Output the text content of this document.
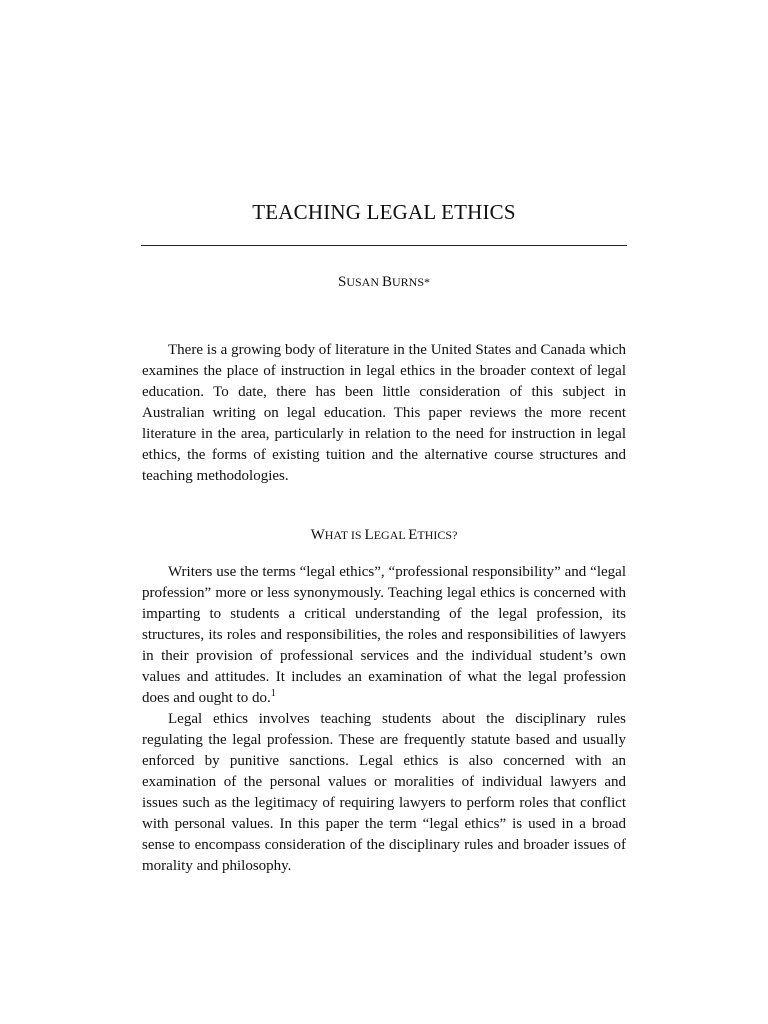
TEACHING LEGAL ETHICS
SUSAN BURNS*

There is a growing body of literature in the United States and Canada which examines the place of instruction in legal ethics in the broader context of legal education. To date, there has been little consideration of this subject in Australian writing on legal education. This paper reviews the more recent literature in the area, particularly in relation to the need for instruction in legal ethics, the forms of existing tuition and the alternative course structures and teaching methodologies.

WHAT IS LEGAL ETHICS?

Writers use the terms “legal ethics”, “professional responsibility” and “legal profession” more or less synonymously. Teaching legal ethics is concerned with imparting to students a critical understanding of the legal profession, its structures, its roles and responsibilities, the roles and responsibilities of lawyers in their provision of professional services and the individual student’s own values and attitudes. It includes an examination of what the legal profession does and ought to do.$^1$

Legal ethics involves teaching students about the disciplinary rules regulating the legal profession. These are frequently statute based and usually enforced by punitive sanctions. Legal ethics is also concerned with an examination of the personal values or moralities of individual lawyers and issues such as the legitimacy of requiring lawyers to perform roles that conflict with personal values. In this paper the term “legal ethics” is used in a broad sense to encompass consideration of the disciplinary rules and broader issues of morality and philosophy.
